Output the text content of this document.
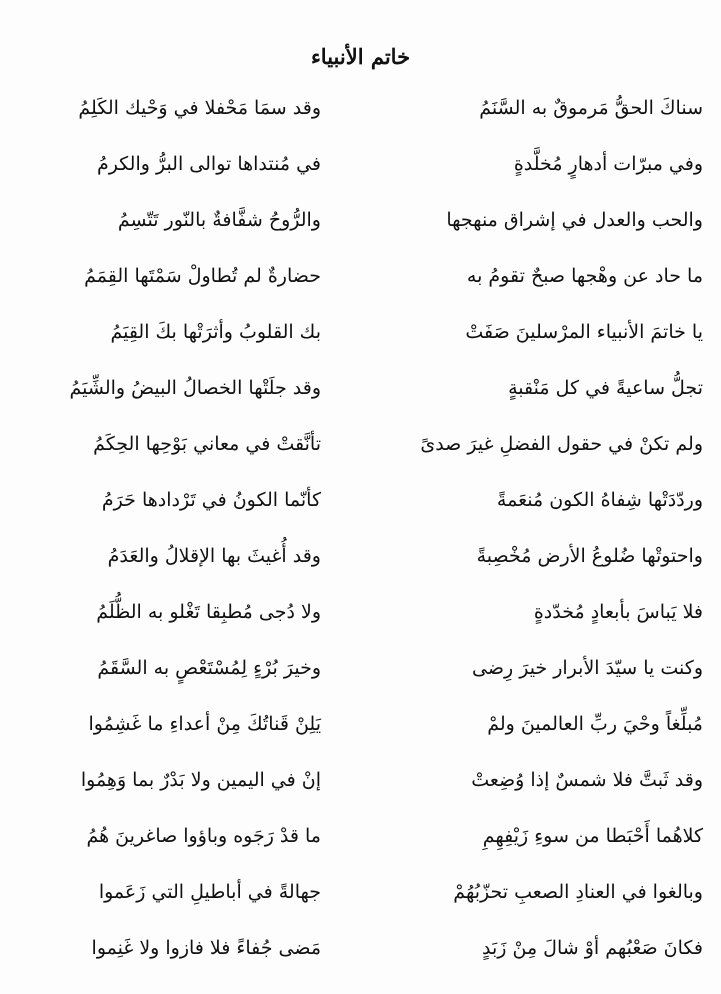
خاتم الأنبياء
سناكَ الحقُّ مَرموقٌ به السَّنَمُ
وقد سمَا مَحْفلا في وَحْيك الكَلِمُ
وفي مبرّات أدهارٍ مُخلَّدةٍ
في مُنتداها توالى البرُّ والكرمُ
والحب والعدل في إشراق منهجها
والرُّوحُ شفَّافةٌ بالنّور تَتّسِمُ
ما حاد عن وهْجها صبحٌ تقومُ به
حضارةٌ لم تُطاولْ سَمْتَها القِمَمُ
يا خاتمَ الأنبياء المرْسلينَ صَفَتْ
بك القلوبُ وأثرَتْها بكَ القِيَمُ
تجلُّ ساعيةً في كل مَنْقبةٍ
وقد جلَتْها الخصالُ البيضُ والشِّيَمُ
ولم تكنْ في حقول الفضلِ غيرَ صدىً
تأنَّقتْ في معاني بَوْحِها الحِكَمُ
وردّدَتْها شِفاهُ الكون مُنعَمةً
كأنّما الكونُ في تَرْدادها حَرَمُ
واحتوتْها ضُلوعُ الأرض مُخْصِبةً
وقد أُغيثَ بها الإقلالُ والعَدَمُ
فلا يَباسَ بأبعادٍ مُخدّدةٍ
ولا دُجى مُطبِقا تَغْلو به الظُّلَمُ
وكنت يا سيّدَ الأبرار خيرَ رِضى
وخيرَ بُرْءٍ لِمُسْتَعْصٍ به السَّقَمُ
مُبلِّغاً وحْيَ ربِّ العالمينَ ولمْ
يَلِنْ قَناتُكَ مِنْ أعداءِ ما غَشِمُوا
وقد ثَبتَّ فلا شمسٌ إذا وُضِعتْ
إنْ في اليمين ولا بَدْرٌ بما وَهِمُوا
كلاهُما أَحْبَطا من سوءِ زَيْفِهِمِ
ما قدْ رَجَوه وباؤوا صاغرينَ هُمُ
وبالغوا في العنادِ الصعبِ تحزّبُهُمْ
جهالةً في أباطيلِ التي زَعَموا
فكانَ صَعْبُهم أوْ شالَ مِنْ زَبَدٍ
مَضى جُفاءً فلا فازوا ولا غَنِموا
